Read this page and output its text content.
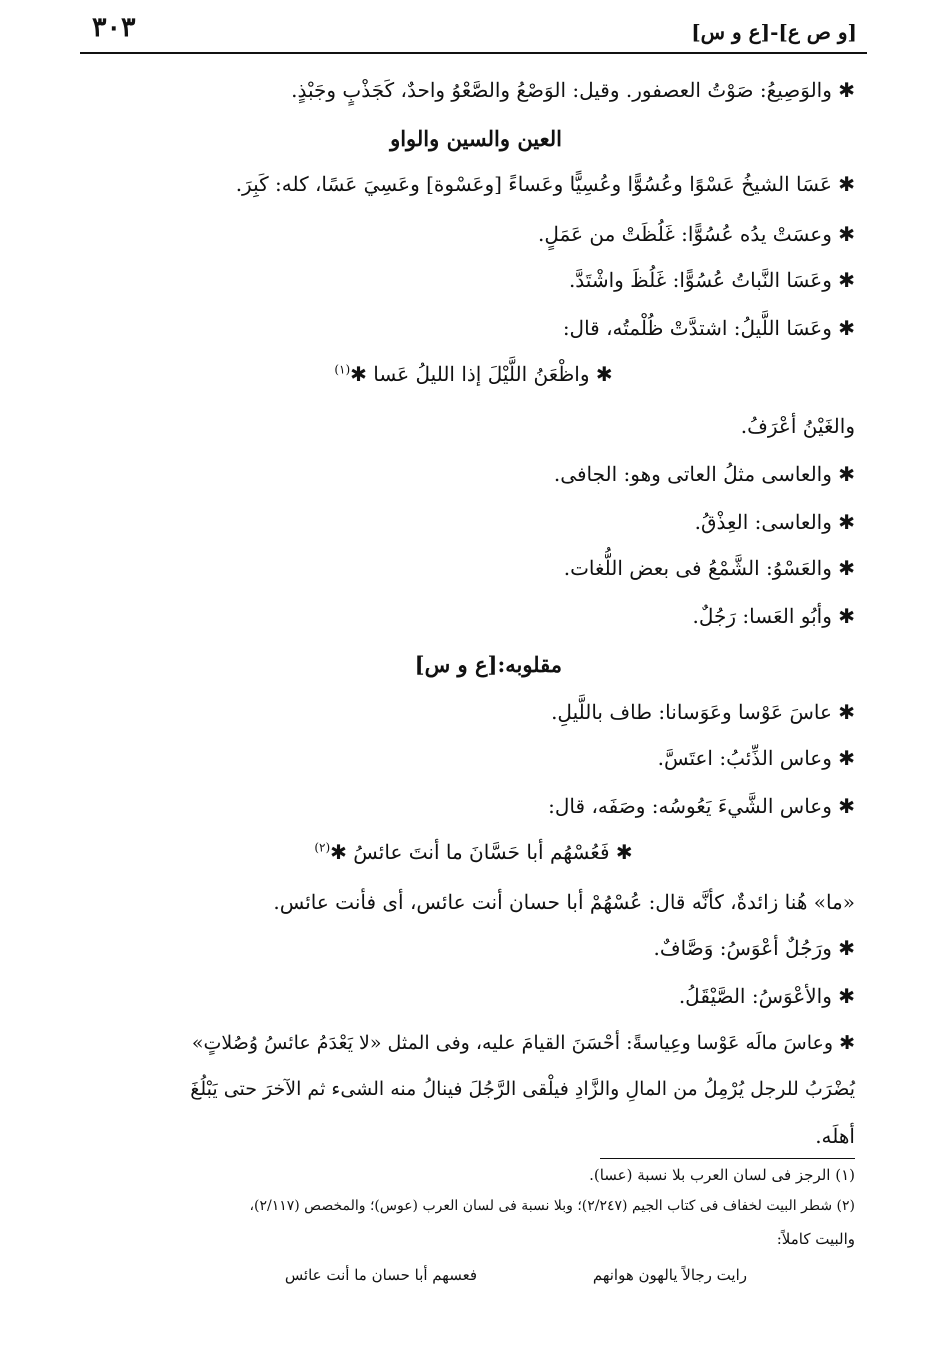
٣٠٣	[و ص ع]-[ع و س]
✱ والوَصِيعُ: صَوْتُ العصفور. وقيل: الوَصْعُ والصَّعْوُ واحدٌ، كَجَذْبٍ وجَبْذٍ.
العين والسين والواو
✱ عَسَا الشيخُ عَسْوًا وعُسُوًّا وعُسِيًّا وعَساءً [وعَسْوة] وعَسِيَ عَسًا، كله: كَبِرَ.
✱ وعسَتْ يدُه عُسُوًّا: غَلُظَتْ من عَمَلٍ.
✱ وعَسَا النَّباتُ عُسُوًّا: غَلُظَ واشْتَدَّ.
✱ وعَسَا اللَّيلُ: اشتدَّتْ ظُلْمتُه، قال:
✱ واظْعَنُ اللَّيْلَ إذا الليلُ عَسا ✱$^{(١)}$
والغَيْنُ أعْرَفُ.
✱ والعاسى مثلُ العاتى وهو: الجافى.
✱ والعاسى: العِذْقُ.
✱ والعَسْوُ: الشَّمْعُ فى بعض اللُّغات.
✱ وأبُو العَسا: رَجُلٌ.
مقلوبه:[ع و س]
✱ عاسَ عَوْسا وعَوَسانا: طاف باللَّيلِ.
✱ وعاس الذِّئبُ: اعتَسَّ.
✱ وعاس الشَّيءَ يَعُوسُه: وصَفَه، قال:
✱ فَعُسْهُم أبا حَسَّانَ ما أنتَ عائسُ ✱$^{(٢)}$
«ما» هُنا زائدةٌ، كأنَّه قال: عُسْهُمْ أبا حسان أنت عائس، أى فأنت عائس.
✱ ورَجُلٌ أعْوَسُ: وَصَّافٌ.
✱ والأعْوَسُ: الصَّيْقَلُ.
✱ وعاسَ مالَه عَوْسا وعِياسةً: أحْسَنَ القيامَ عليه، وفى المثل «لا يَعْدَمُ عائسُ وُصُلاتٍ»
يُضْرَبُ للرجل يُرْمِلُ من المالِ والزَّادِ فيلْقى الرَّجُلَ فينالُ منه الشىء ثم الآخرَ حتى يَبْلُغَ
أهلَه.
(١) الرجز فى لسان العرب بلا نسبة (عسا).
(٢) شطر البيت لخفاف فى كتاب الجيم (٢/٢٤٧)؛ وبلا نسبة فى لسان العرب (عوس)؛ والمخصص (٢/١١٧)،
والبيت كاملاً:
رايت رجالاً يالهون هوانهم
فعسهم أبا حسان ما أنت عائس
